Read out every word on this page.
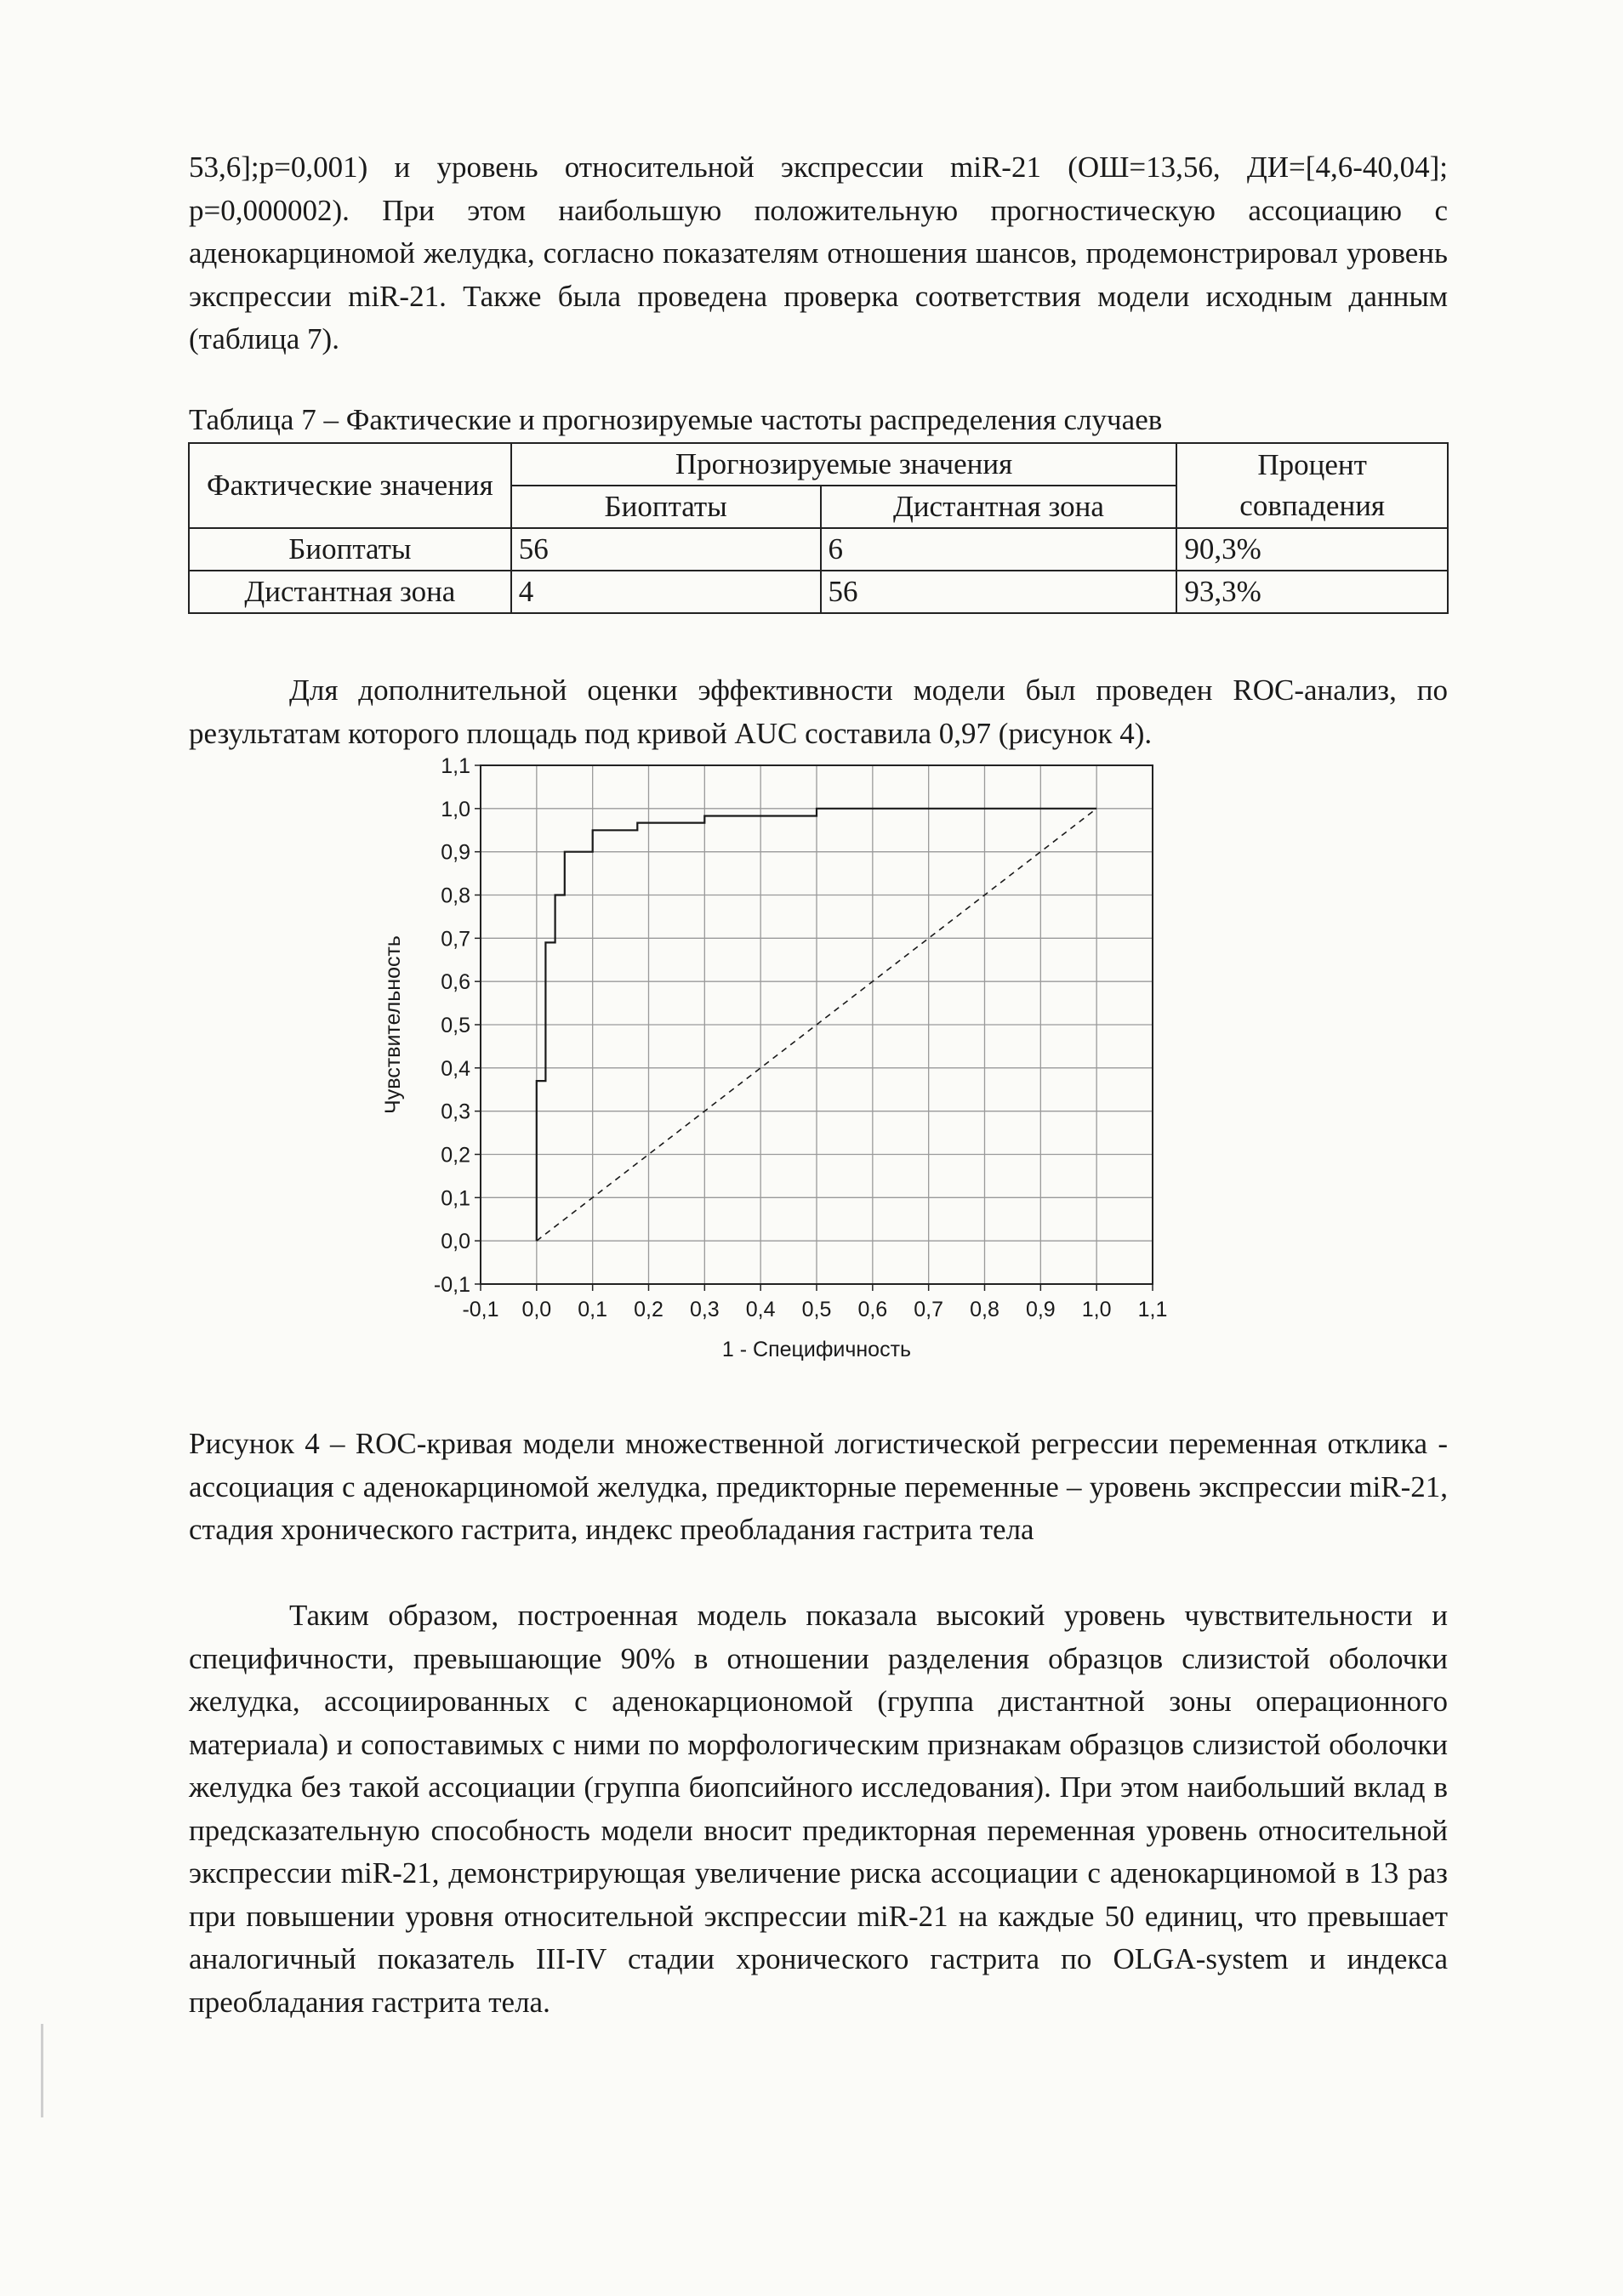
53,6];p=0,001) и уровень относительной экспрессии miR-21 (ОШ=13,56, ДИ=[4,6-40,04]; p=0,000002). При этом наибольшую положительную прогностическую ассоциацию с аденокарциномой желудка, согласно показателям отношения шансов, продемонстрировал уровень экспрессии miR-21. Также была проведена проверка соответствия модели исходным данным (таблица 7).

Таблица 7 – Фактические и прогнозируемые частоты распределения случаев
Фактические значения	Прогнозируемые значения		Процент совпадения
	Биоптаты	Дистантная зона	
Биоптаты	56	6	90,3%
Дистантная зона	4	56	93,3%

Для дополнительной оценки эффективности модели был проведен ROC-анализ, по результатам которого площадь под кривой AUC составила 0,97 (рисунок 4).

-0,1 0,0 0,1 0,2 0,3 0,4 0,5 0,6 0,7 0,8 0,9 1,0 1,1
-0,1
0,0
0,1
0,2
0,3
0,4
0,5
0,6
0,7
0,8
0,9
1,0
1,1
1 - Специфичность
Чувствительность

Рисунок 4 – ROC-кривая модели множественной логистической регрессии переменная отклика - ассоциация с аденокарциномой желудка, предикторные переменные – уровень экспрессии miR-21, стадия хронического гастрита, индекс преобладания гастрита тела

Таким образом, построенная модель показала высокий уровень чувствительности и специфичности, превышающие 90% в отношении разделения образцов слизистой оболочки желудка, ассоциированных с аденокарциономой (группа дистантной зоны операционного материала) и сопоставимых с ними по морфологическим признакам образцов слизистой оболочки желудка без такой ассоциации (группа биопсийного исследования). При этом наибольший вклад в предсказательную способность модели вносит предикторная переменная уровень относительной экспрессии miR-21, демонстрирующая увеличение риска ассоциации с аденокарциномой в 13 раз при повышении уровня относительной экспрессии miR-21 на каждые 50 единиц, что превышает аналогичный показатель III-IV стадии хронического гастрита по OLGA-system и индекса преобладания гастрита тела.
